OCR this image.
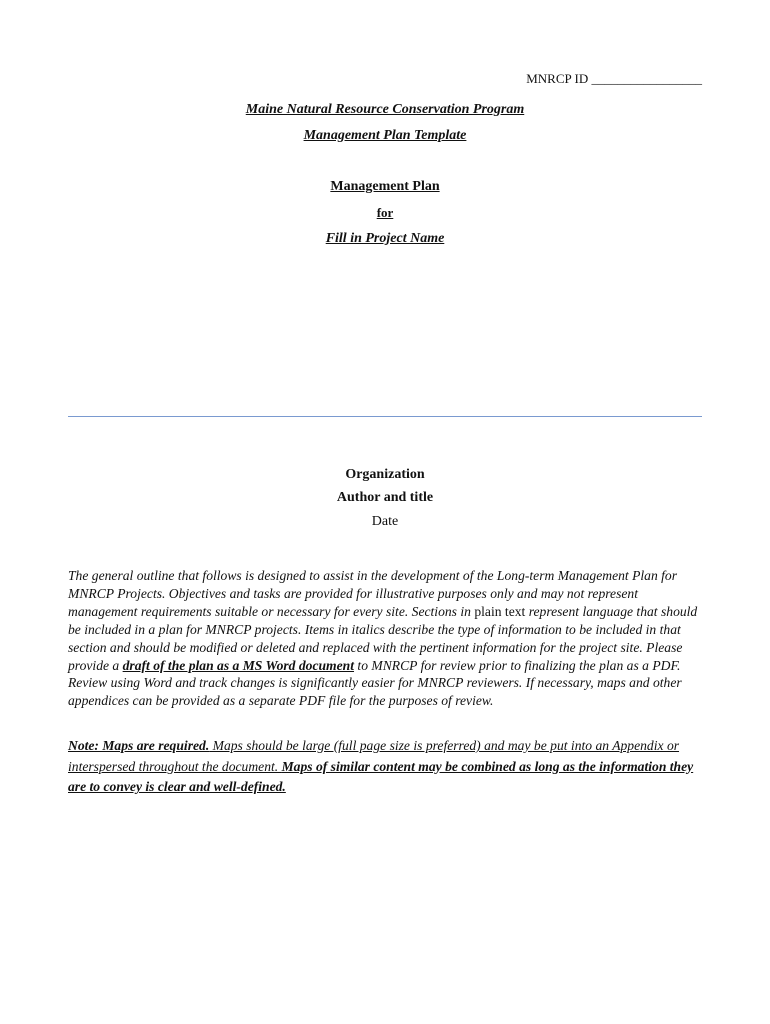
MNRCP ID _________________
Maine Natural Resource Conservation Program
Management Plan Template
Management Plan
for
Fill in Project Name
Organization
Author and title
Date

The general outline that follows is designed to assist in the development of the Long-term Management Plan for MNRCP Projects. Objectives and tasks are provided for illustrative purposes only and may not represent management requirements suitable or necessary for every site. Sections in plain text represent language that should be included in a plan for MNRCP projects. Items in italics describe the type of information to be included in that section and should be modified or deleted and replaced with the pertinent information for the project site. Please provide a draft of the plan as a MS Word document to MNRCP for review prior to finalizing the plan as a PDF. Review using Word and track changes is significantly easier for MNRCP reviewers. If necessary, maps and other appendices can be provided as a separate PDF file for the purposes of review.

Note: Maps are required. Maps should be large (full page size is preferred) and may be put into an Appendix or interspersed throughout the document. Maps of similar content may be combined as long as the information they are to convey is clear and well-defined.
